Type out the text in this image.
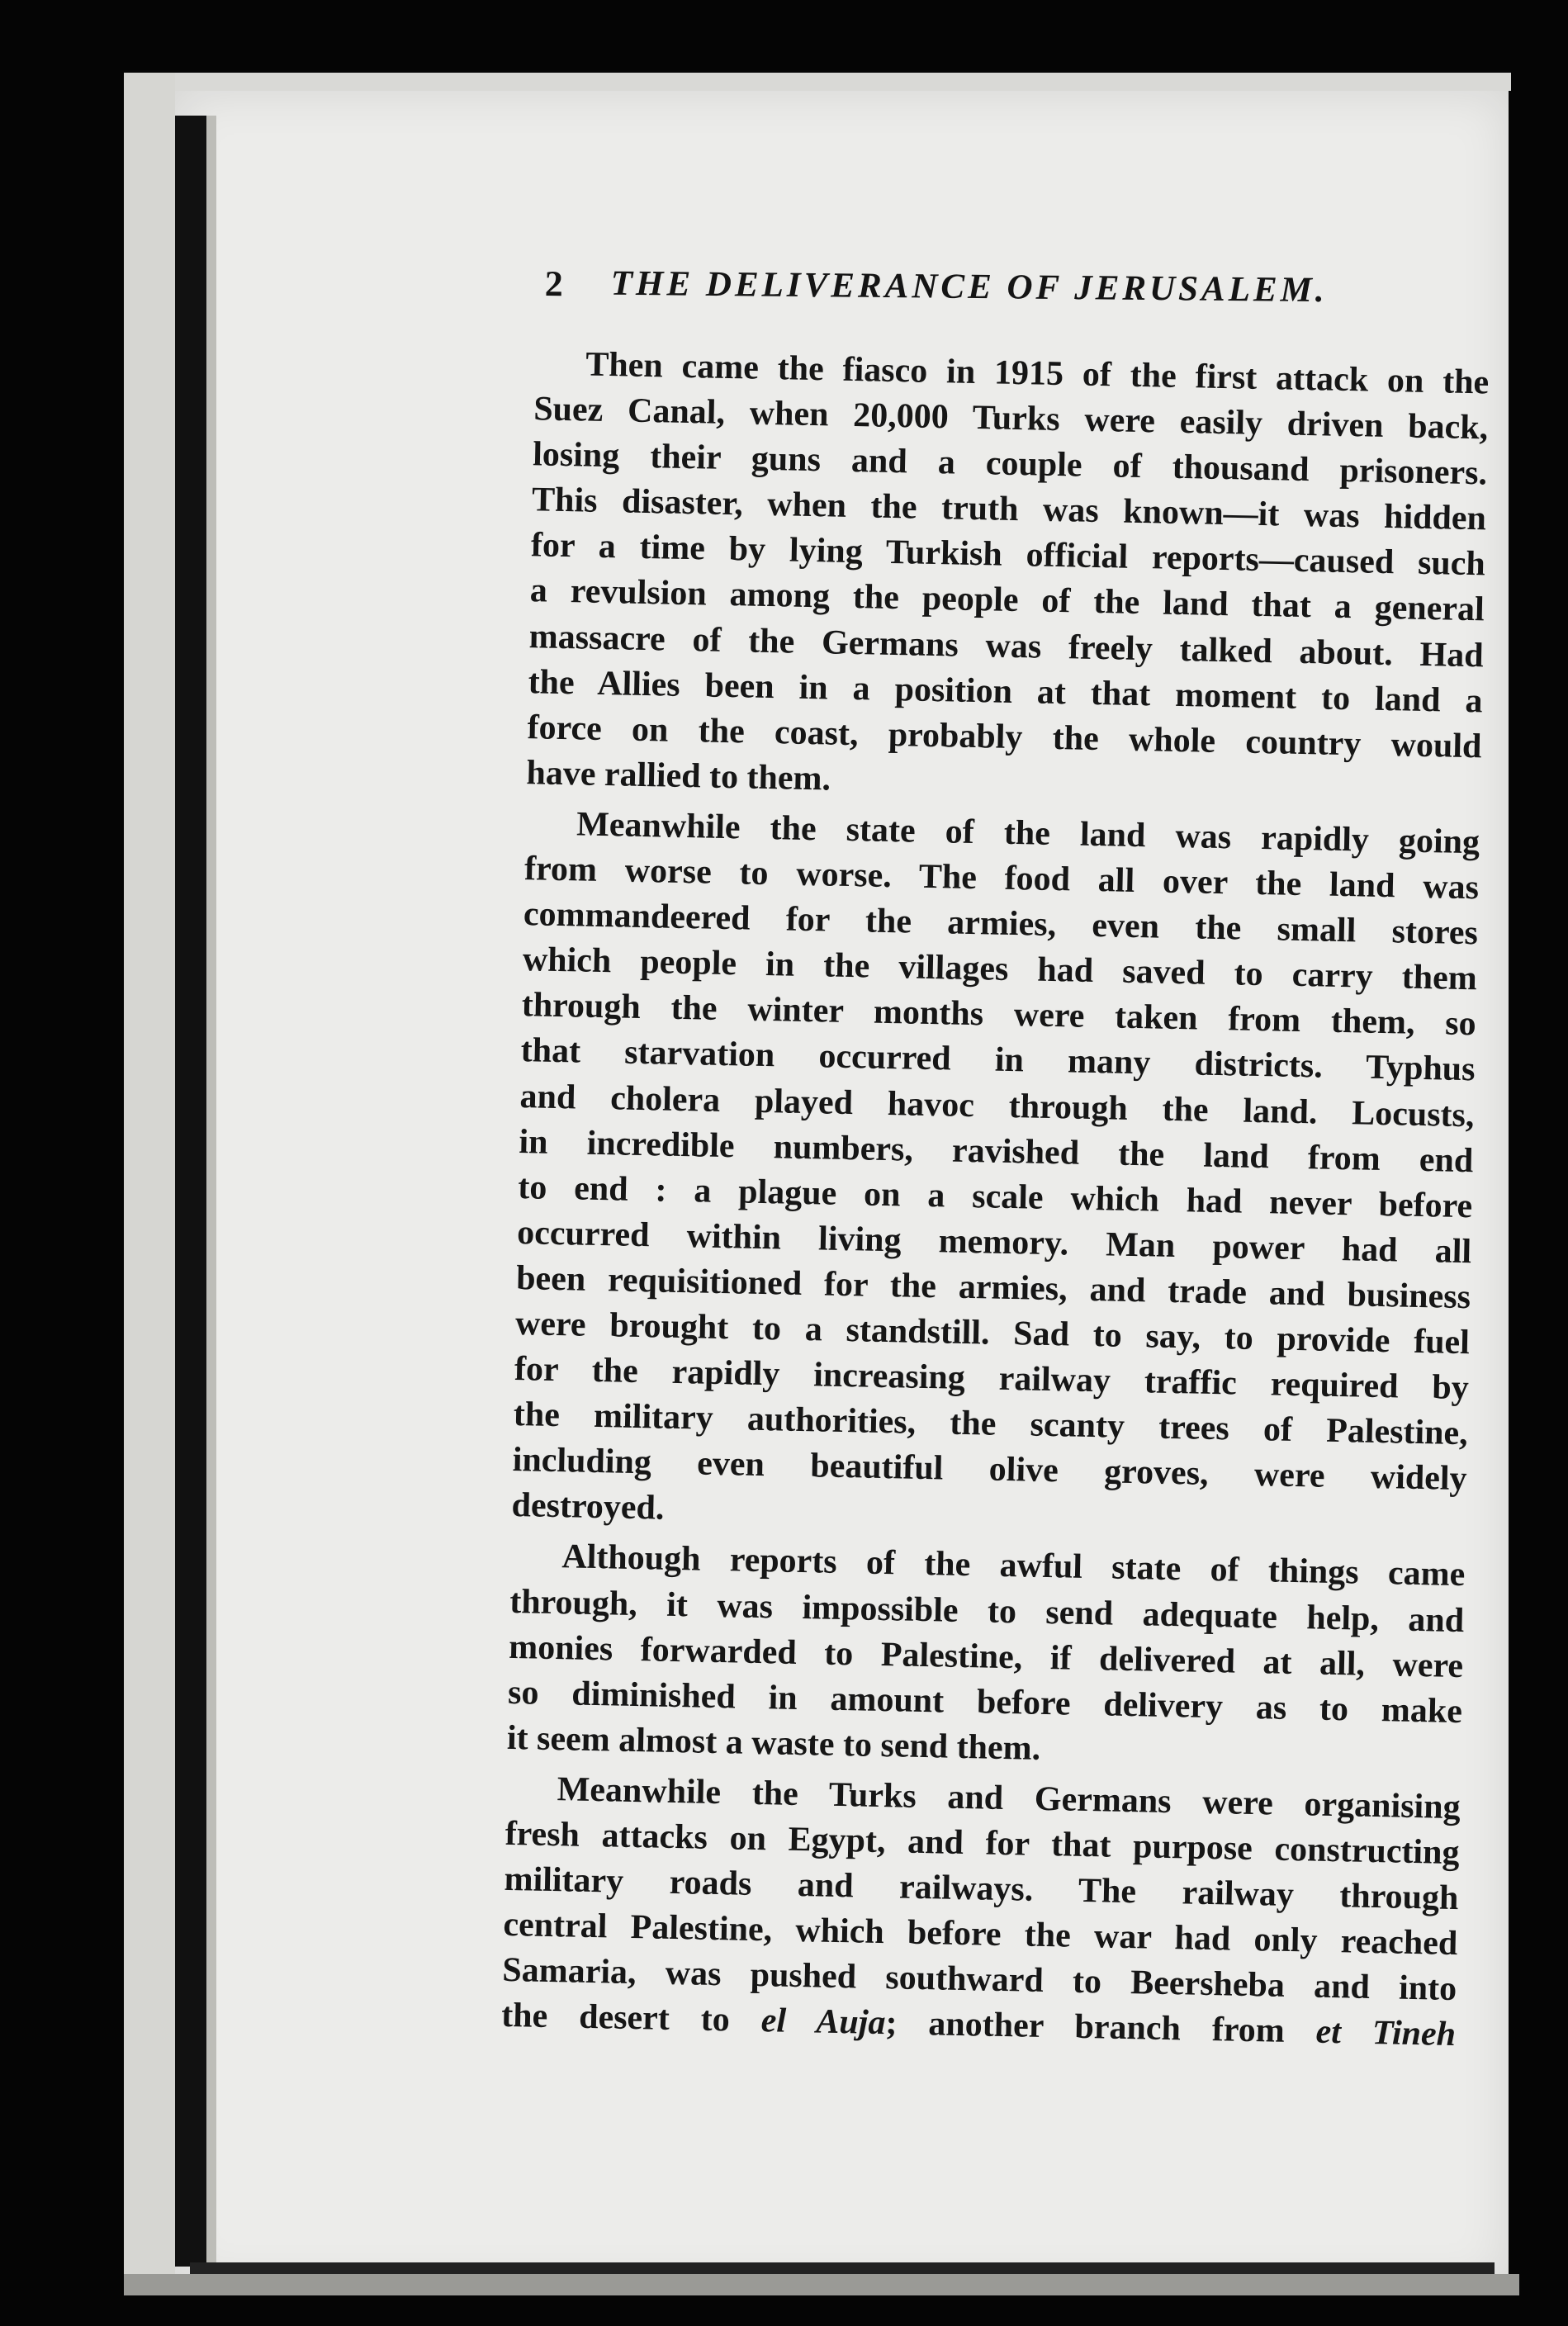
2 THE DELIVERANCE OF JERUSALEM.
Then came the fiasco in 1915 of the first attack on the
Suez Canal, when 20,000 Turks were easily driven back,
losing their guns and a couple of thousand prisoners.
This disaster, when the truth was known—it was hidden
for a time by lying Turkish official reports—caused such
a revulsion among the people of the land that a general
massacre of the Germans was freely talked about. Had
the Allies been in a position at that moment to land a
force on the coast, probably the whole country would
have rallied to them.
Meanwhile the state of the land was rapidly going
from worse to worse. The food all over the land was
commandeered for the armies, even the small stores
which people in the villages had saved to carry them
through the winter months were taken from them, so
that starvation occurred in many districts. Typhus
and cholera played havoc through the land. Locusts,
in incredible numbers, ravished the land from end
to end : a plague on a scale which had never before
occurred within living memory. Man power had all
been requisitioned for the armies, and trade and business
were brought to a standstill. Sad to say, to provide fuel
for the rapidly increasing railway traffic required by
the military authorities, the scanty trees of Palestine,
including even beautiful olive groves, were widely
destroyed.
Although reports of the awful state of things came
through, it was impossible to send adequate help, and
monies forwarded to Palestine, if delivered at all, were
so diminished in amount before delivery as to make
it seem almost a waste to send them.
Meanwhile the Turks and Germans were organising
fresh attacks on Egypt, and for that purpose constructing
military roads and railways. The railway through
central Palestine, which before the war had only reached
Samaria, was pushed southward to Beersheba and into
the desert to el Auja; another branch from et Tineh
